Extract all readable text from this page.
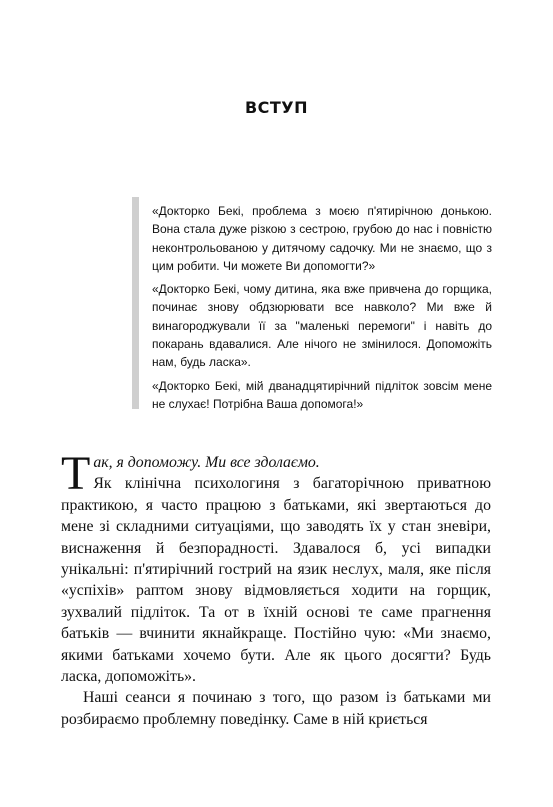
ВСТУП

«Докторко Бекі, проблема з моєю п'ятирічною донькою. Вона стала дуже різкою з сестрою, грубою до нас і повністю неконтрольованою у дитячому садочку. Ми не знаємо, що з цим робити. Чи можете Ви допомогти?»

«Докторко Бекі, чому дитина, яка вже привчена до горщика, починає знову обдзюрювати все навколо? Ми вже й винагороджували її за "маленькі перемоги" і навіть до покарань вдавалися. Але нічого не змінилося. Допоможіть нам, будь ласка».

«Докторко Бекі, мій дванадцятирічний підліток зовсім мене не слухає! Потрібна Ваша допомога!»

Так, я допоможу. Ми все здолаємо.
Як клінічна психологиня з багаторічною приватною практикою, я часто працюю з батьками, які звертаються до мене зі складними ситуаціями, що заводять їх у стан зневіри, виснаження й безпорадності. Здавалося б, усі випадки унікальні: п'ятирічний гострий на язик неслух, маля, яке після «успіхів» раптом знову відмовляється ходити на горщик, зухвалий підліток. Та от в їхній основі те саме прагнення батьків — вчинити якнайкраще. Постійно чую: «Ми знаємо, якими батьками хочемо бути. Але як цього досягти? Будь ласка, допоможіть».

Наші сеанси я починаю з того, що разом із батьками ми розбираємо проблемну поведінку. Саме в ній криється
